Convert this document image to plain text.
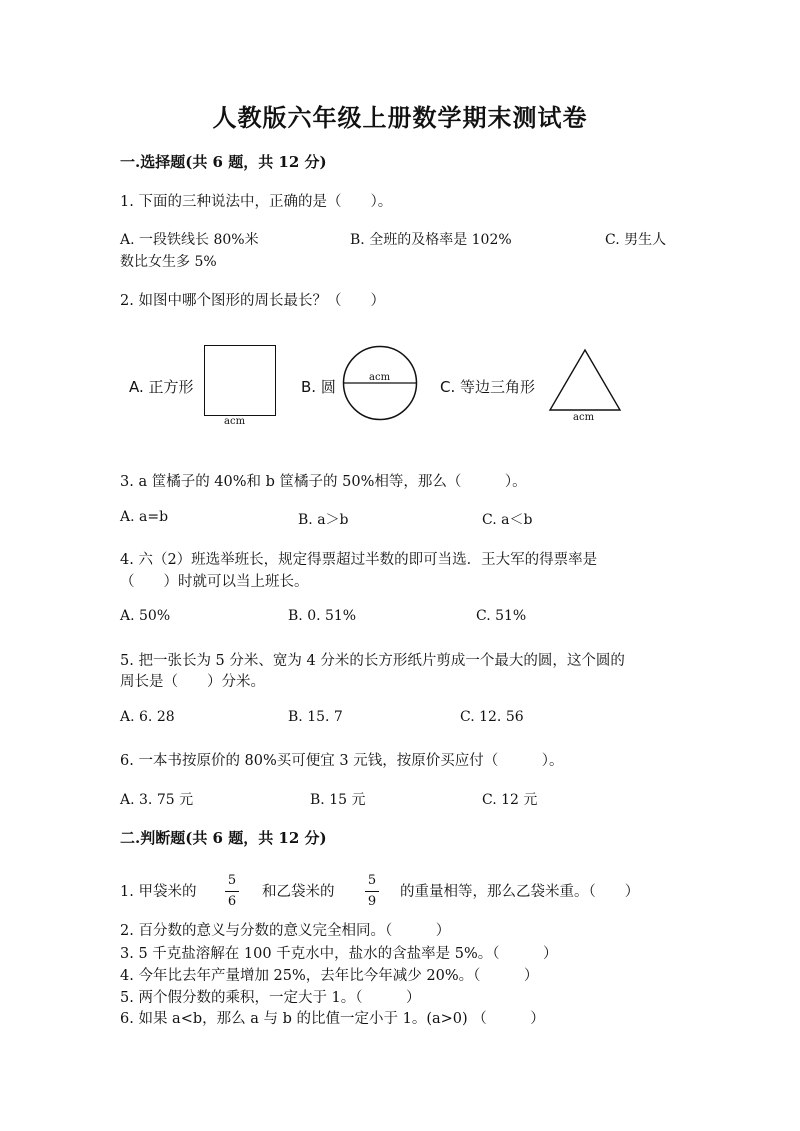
人教版六年级上册数学期末测试卷
一.选择题(共 6 题，共 12 分)
1. 下面的三种说法中，正确的是（　　）。
A. 一段铁线长 80%米	B. 全班的及格率是 102%	C. 男生人
数比女生多 5%
2. 如图中哪个图形的周长最长？（　　）
A. 正方形
acm
B. 圆
acm
C. 等边三角形
acm
3. a 筐橘子的 40%和 b 筐橘子的 50%相等，那么（　　　）。
A. a=b	B. a＞b	C. a＜b
4. 六（2）班选举班长，规定得票超过半数的即可当选．王大军的得票率是
（　　）时就可以当上班长。
A. 50%	B. 0. 51%	C. 51%
5. 把一张长为 5 分米、宽为 4 分米的长方形纸片剪成一个最大的圆，这个圆的
周长是（　　）分米。
A. 6. 28	B. 15. 7	C. 12. 56
6. 一本书按原价的 80%买可便宜 3 元钱，按原价买应付（　　　）。
A. 3. 75 元	B. 15 元	C. 12 元
二.判断题(共 6 题，共 12 分)
1. 甲袋米的
5
6
和乙袋米的
5
9
的重量相等，那么乙袋米重。（　　）
2. 百分数的意义与分数的意义完全相同。（　　　）
3. 5 千克盐溶解在 100 千克水中，盐水的含盐率是 5%。（　　　）
4. 今年比去年产量增加 25%，去年比今年减少 20%。（　　　）
5. 两个假分数的乘积，一定大于 1。（　　　）
6. 如果 a<b，那么 a 与 b 的比值一定小于 1。(a>0) （　　　）
